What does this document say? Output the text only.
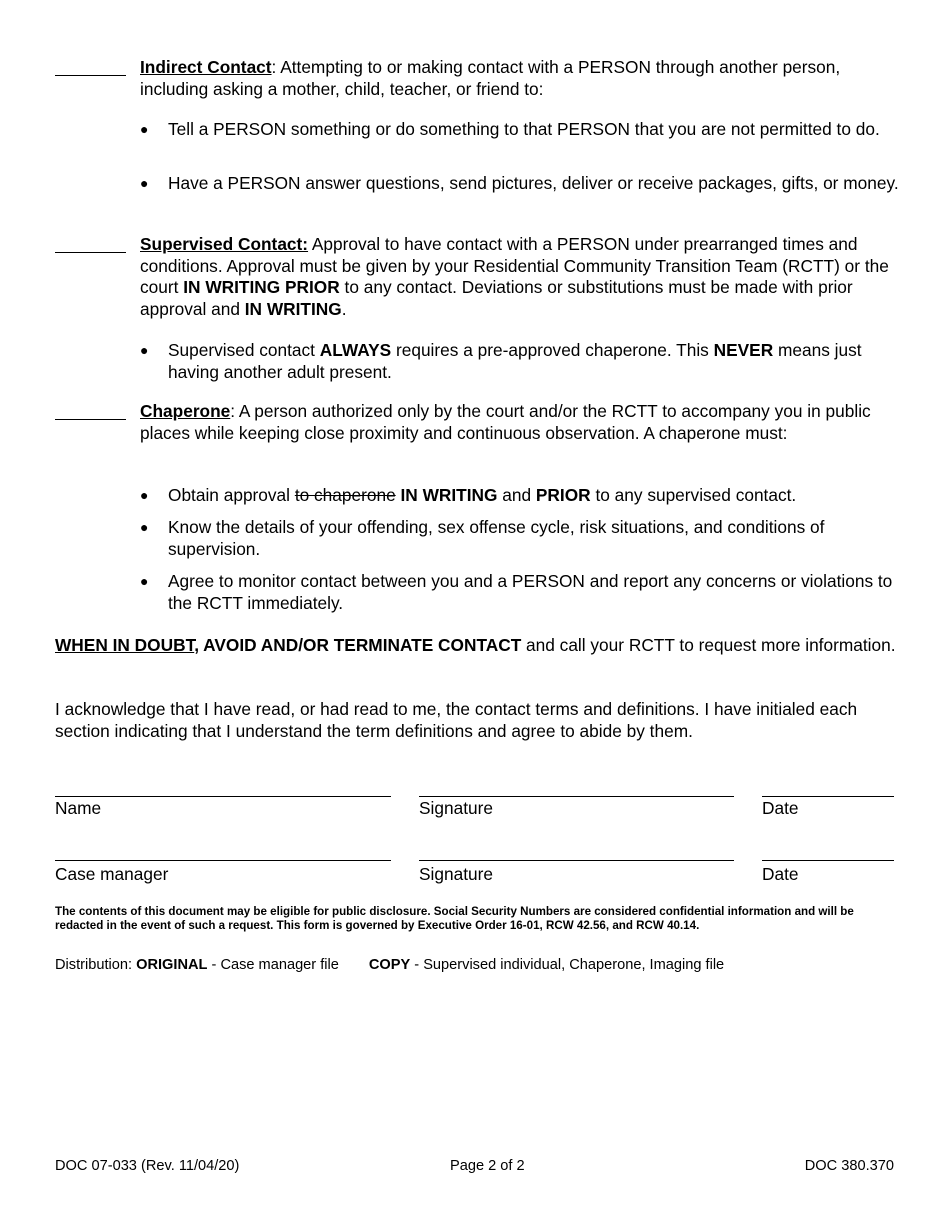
Indirect Contact: Attempting to or making contact with a PERSON through another person, including asking a mother, child, teacher, or friend to:
● Tell a PERSON something or do something to that PERSON that you are not permitted to do.
● Have a PERSON answer questions, send pictures, deliver or receive packages, gifts, or money.
Supervised Contact: Approval to have contact with a PERSON under prearranged times and conditions. Approval must be given by your Residential Community Transition Team (RCTT) or the court IN WRITING PRIOR to any contact. Deviations or substitutions must be made with prior approval and IN WRITING.
● Supervised contact ALWAYS requires a pre-approved chaperone. This NEVER means just having another adult present.
Chaperone: A person authorized only by the court and/or the RCTT to accompany you in public places while keeping close proximity and continuous observation. A chaperone must:
● Obtain approval to chaperone IN WRITING and PRIOR to any supervised contact.
● Know the details of your offending, sex offense cycle, risk situations, and conditions of supervision.
● Agree to monitor contact between you and a PERSON and report any concerns or violations to the RCTT immediately.
WHEN IN DOUBT, AVOID AND/OR TERMINATE CONTACT and call your RCTT to request more information.
I acknowledge that I have read, or had read to me, the contact terms and definitions. I have initialed each section indicating that I understand the term definitions and agree to abide by them.
Name	Signature	Date
Case manager	Signature	Date
The contents of this document may be eligible for public disclosure. Social Security Numbers are considered confidential information and will be redacted in the event of such a request. This form is governed by Executive Order 16-01, RCW 42.56, and RCW 40.14.
Distribution: ORIGINAL - Case manager file COPY - Supervised individual, Chaperone, Imaging file
DOC 07-033 (Rev. 11/04/20)	Page 2 of 2	DOC 380.370
